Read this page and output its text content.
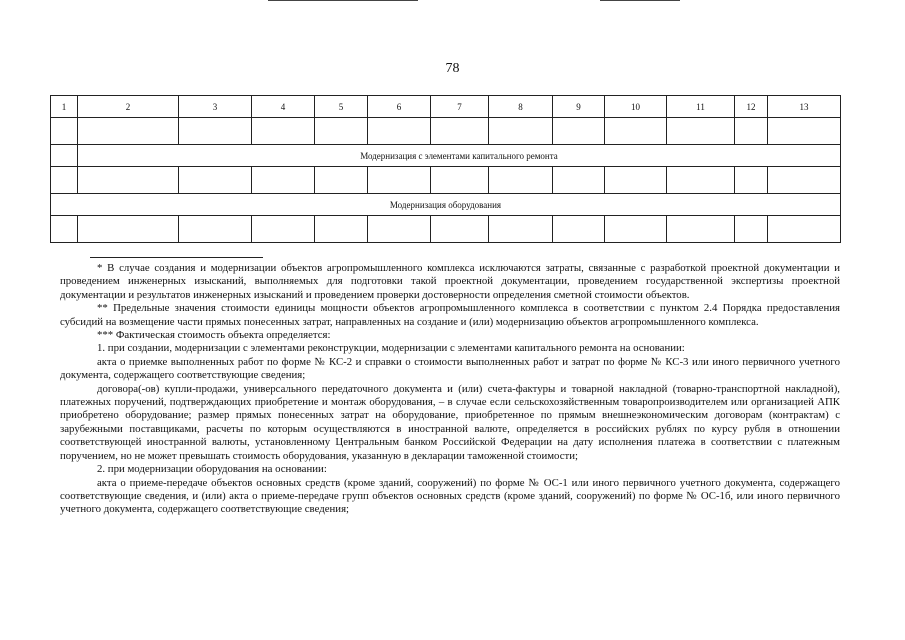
78
1	2	3	4	5	6	7	8	9	10	11	12	13

	Модернизация с элементами капитального ремонта											

Модернизация оборудования												

* В случае создания и модернизации объектов агропромышленного комплекса исключаются затраты, связанные с разработкой проектной документации и проведением инженерных изысканий, выполняемых для подготовки такой проектной документации, проведением государственной экспертизы проектной документации и результатов инженерных изысканий и проведением проверки достоверности определения сметной стоимости объектов.

** Предельные значения стоимости единицы мощности объектов агропромышленного комплекса в соответствии с пунктом 2.4 Порядка предоставления субсидий на возмещение части прямых понесенных затрат, направленных на создание и (или) модернизацию объектов агропромышленного комплекса.

*** Фактическая стоимость объекта определяется:

1. при создании, модернизации с элементами реконструкции, модернизации с элементами капитального ремонта на основании:

акта о приемке выполненных работ по форме № КС-2 и справки о стоимости выполненных работ и затрат по форме № КС-3 или иного первичного учетного документа, содержащего соответствующие сведения;

договора(-ов) купли-продажи, универсального передаточного документа и (или) счета-фактуры и товарной накладной (товарно-транспортной накладной), платежных поручений, подтверждающих приобретение и монтаж оборудования, – в случае если сельскохозяйственным товаропроизводителем или организацией АПК приобретено оборудование; размер прямых понесенных затрат на оборудование, приобретенное по прямым внешнеэкономическим договорам (контрактам) с зарубежными поставщиками, расчеты по которым осуществляются в иностранной валюте, определяется в российских рублях по курсу рубля в отношении соответствующей иностранной валюты, установленному Центральным банком Российской Федерации на дату исполнения платежа в соответствии с платежным поручением, но не может превышать стоимость оборудования, указанную в декларации таможенной стоимости;

2. при модернизации оборудования на основании:

акта о приеме-передаче объектов основных средств (кроме зданий, сооружений) по форме № ОС-1 или иного первичного учетного документа, содержащего соответствующие сведения, и (или) акта о приеме-передаче групп объектов основных средств (кроме зданий, сооружений) по форме № ОС-1б, или иного первичного учетного документа, содержащего соответствующие сведения;
